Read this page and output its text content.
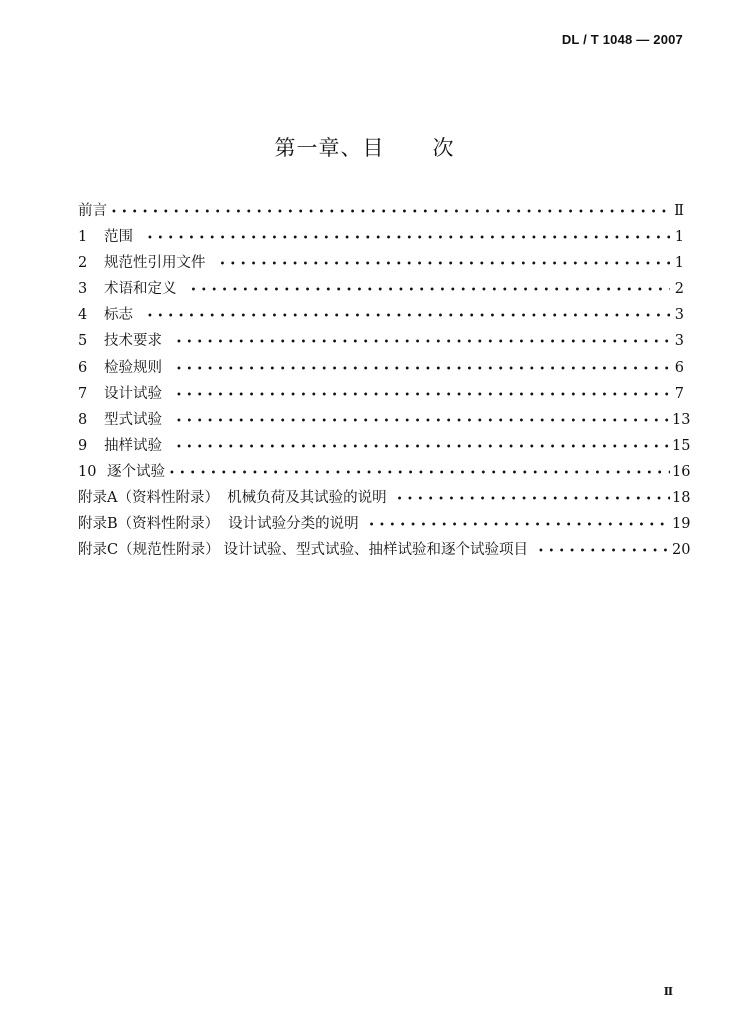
DL / T 1048 — 2007
第一章、目 次
前言 • • •	Ⅱ
1	范围 • • •	1
2	规范性引用文件 • • •	1
3	术语和定义 • • •	2
4	标志 • • •	3
5	技术要求 • • •	3
6	检验规则 • • •	6
7	设计试验 • • •	7
8	型式试验 • • •	13
9	抽样试验 • • •	15
10 逐个试验 • • •	16
附录A（资料性附录） 机械负荷及其试验的说明 • • •	18
附录B（资料性附录） 设计试验分类的说明 • • •	19
附录C（规范性附录） 设计试验、型式试验、抽样试验和逐个试验项目 • • •	20
Ⅱ
